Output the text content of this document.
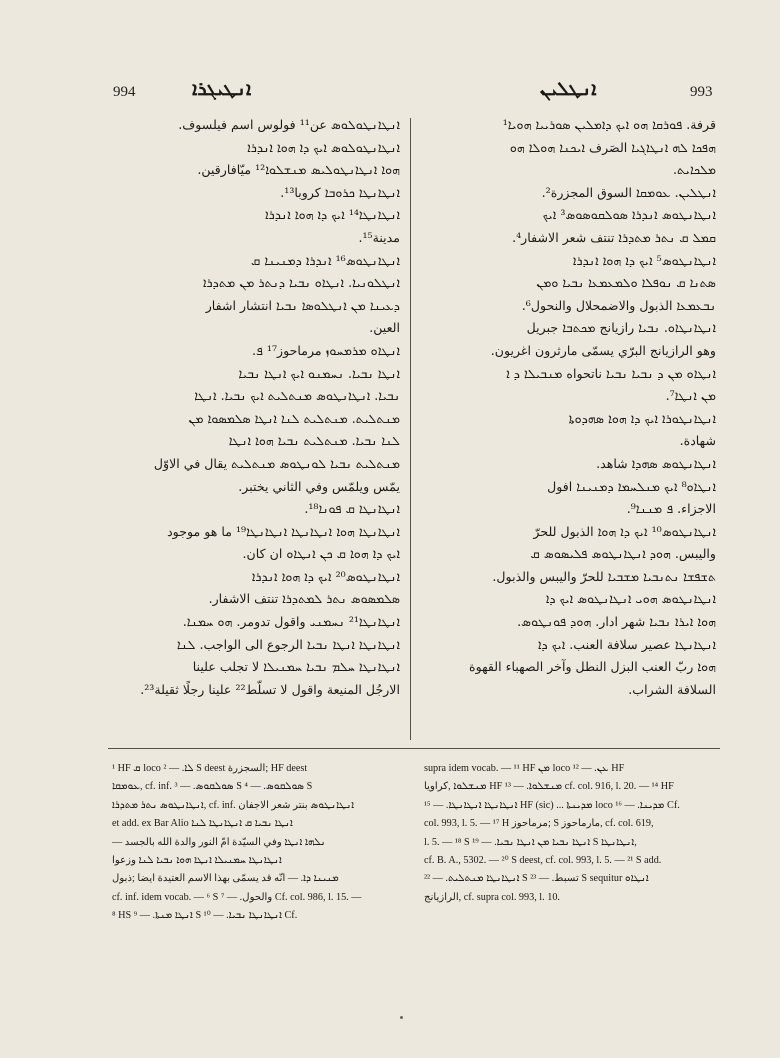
994	ܐܢܛܝܓܪܐ	ܐܢܛܠܝܢ	993

ܐܢܛܐܢܛܘܠܘܣ عن¹¹ فولوس اسم فيلسوف.

ܐܢܛܐܢܛܘܠܘܣ ܐܝܟ ܕܐ ܗܘܐ ܐܢܕܪܐ

ܗܘܐ ܐܢܛܐܢܛܘܠܝܣ ܡܢܫܠܘܐ¹² ميّافارقين.

ܐܢܛܐܢܛܐ ܟܪܘܒܐ كروبا¹³.

ܐܢܛܐܢܛܐ¹⁴ ܐܝܟ ܕܐ ܗܘܐ ܐܢܕܪܐ

مدينة¹⁵.

ܐܢܛܐܢܛܘܣ¹⁶ ܐܢܕܪܐ ܕܡܢܝܢܐ ܩ

ܐܢܛܠܘܢܝܐ. ܐܢܛܐܘ ܢܒܝܐ ܕܢܬܪ ܡܢ ܡܬܕܪܐ

ܕܥܝܢܐ ܡܢ ܐܢܛܠܘܣܐ ܢܒܝܐ انتشار اشفار

العين.

ܐܢܛܐܘ ܡܪܡܚܘܙ مرماحوز¹⁷ ܦ.

ܐܢܛܐ ܢܒܝܐ. ܢܚܡܢܘ ܐܝܟ ܐܢܛܐ ܢܒܝܐ

ܢܒܝܐ. ܐܢܛܐܢܛܘܣ ܡܢܬܠܝܬ ܐܝܟ ܢܒܝܐ. ܐܢܛܐ

ܡܢܬܠܝܬ. ܡܢܬܠܝܬ ܠܢܐ ܐܢܛܐ ܣܠܡܣܘܐ ܡܢ

ܠܢܐ ܢܒܝܐ. ܡܢܬܠܝܬ ܢܒܝܐ ܗܘܐ ܐܢܛܐ

ܡܢܬܠܝܬ ܢܒܝܐ ܠܘܢܛܘܣ ܡܢܬܠܝܬ يقال في الاوّل

يمّس ويلمّس وفي الثاني يختبر.

ܐܢܛܐܢܛܐ ܩ ܦܘܢܐ¹⁸.

ܐܢܛܐܢܛܐ ܗܘܐ ܐܢܛܐܢܛܐ ܐܢܛܐܢܛܐ¹⁹ ما هو موجود

ܐܝܟ ܕܐ ܗܘܐ ܩ ܟܢ ܐܢܛܐܘ ان كان.

ܐܢܛܐܢܛܘܣ²⁰ ܐܝܟ ܕܐ ܗܘܐ ܐܢܕܪܐ

ܣܠܡܣܘܣ ܢܬܪ ܠܡܬܕܪܐ تنتف الاشفار.

ܐܢܛܐܢܛܐ²¹ ܢܚܡܢܝ واقول تدومر. ܗܘ ܚܡܢܐ.

ܐܢܛܐܢܛܐ ܐܢܛܐ ܢܒܝܐ الرجوع الى الواجب. ܠܢܐ

ܐܢܛܐܢܛܐ ܚܠܡ ܢܒܝܐ ܚܡܢܝܠܐ لا تجلب علينا

الارجُل المنيعة واقول لا تسلّط²² علينا رجلًا ثقيلة²³.

قرفة. ܦܘܪܩܐ ܗܘ ܐܝܟ ܕܐܡܠܝܢ ܣܘܪܝܝܐ ܗܘܝܐ¹

ܗܦܟܐ ܠܗ ܐܢܛܐܓܝܐ الصَرف ܐܝܟܢܐ ܗܘܠܐ ܗܘ

ܡܠܟܐܝܬ.

ܐܢܛܠܝܢ. ܥܘܡܩܐ السوق المجزرة².

ܐܢܛܐܢܛܘܣ ܐܢܕܪܐ ܣܘܠܩܘܣܘܣ³ ܐܝܟ

ܩܡܠ ܩ ܢܬܪ ܡܬܕܪܐ تنتف شعر الاشفار⁴.

ܐܢܛܐܢܛܘܣ⁵ ܐܝܟ ܕܐ ܗܘܐ ܐܢܕܪܐ

ܣܬܢܐ ܩ ܢܘܦܠܐ ܘܠܡܥܡܥܐ ܢܒܝܐ ܘܡܢ

ܢܒܥܡܥܐ الذبول والاضمحلال والنحول⁶.

ܐܢܛܐܢܛܐܘ. ܢܒܝܐ رازيانج ܡܟܬܒܐ جبريل

وهو الرازيانج البرّي يسمّى مارثرون اغريون.

ܐܢܛܐܘ ܡܢ ܕ ܢܒܝܐ ܢܒܝܐ ناتحواه ܡܢܒܝܠܐ ܕ ܐ

ܡܢ ܐܢܛܐ⁷.

ܐܢܛܐܢܛܘܪܐ ܐܝܟ ܕܐ ܗܘܐ ܣܗܕܘܬܐ

شهادة.

ܐܢܛܐܢܛܘܣ ܣܗܕܐ شاهد.

ܐܢܛܐܘ⁸ ܐܝܟ ܡܢܠܚܡܐ ܕܡܢܝܢܐ افول

الاجزاء. ܦ ܡܢܢܐ⁹.

ܐܢܛܐܢܛܘܣ¹⁰ ܐܝܟ ܕܐ ܗܘܐ الذبول للحرّ

واليبس. ܗܘܕ ܐܢܛܐܢܛܘܣ ܦܠܝܣܘܣ ܩ

ܬܫܦܫܐ ܢܬܢܒܝܐ ܡܫܒܝܐ للحرّ واليبس والذبول.

ܐܢܛܐܢܛܘܣ ܗܘܝ ܐܢܛܐܢܛܘܣ ܐܝܟ ܕܐ

ܗܘܐ ܐܝܪܐ ܢܒܝܐ شهر ادار. ܗܘܕ ܦܘܢܛܘܣ.

ܐܢܛܐܢܛܐ عصير سلافة العنب. ܐܝܟ ܕܐ

ܗܘܐ ربّ العنب البزل النطل وآخر الصهباء القهوة

السلافة الشراب.

¹ HF ܩ loco ܠܐ. — ² S deest السجزرة; HF deest

ܥܘܡܩܐ, cf. inf. ܣܘܠܩܘܣ. — ³ S ܣܘܠܩܘܣ. — ⁴ S

ܐܢܛܐܢܛܘܣ ܢܬܪ ܡܬܕܪܐ, cf. inf. ܐܢܛܐܢܛܘܣ بنتر شعر الاجفان

et add. ex Bar Alio ܐܢܛܐ ܢܒܝܐ ܩ ܐܢܛܐܢܛܐ ܠܢܐ

— ܢܠܗܐ ܐܢܛܐ وفي السيّدة امّ النور والدة الله بالجسد

ܐܢܛܐܢܛܐ ܚܡܢܝܠܐ ܐܢܛܐ ܗܘܐ ܢܒܝܐ ܠܢܐ وزعوا

ܡܢܝܢܐ ܕܐ. — انّه قد يسمّى بهذا الاسم العتيدة ايضا ;ذبول

cf. inf. idem vocab. — ⁶ S والحول. — ⁷ Cf. col. 986, l. 15. —

⁸ HS ܐܢܛܐ ܡܢܬܐ. — ⁹ S ܐܢܛܐܢܛܐ ܢܒܝܐ. — ¹⁰ Cf.

supra idem vocab. — ¹¹ HF ܡܢ loco ܥܢ. — ¹² HF

ܡܢܫܠܘܐ ,كراويا HF ¹³ — .ܡܢܫܠܘܐ cf. col. 916, l. 20. — ¹⁴ HF

ܐܢܛܐܢܛܐ ܐܢܛܐܢܛܐ. — ¹⁵ HF (sic) ... ܡܕܝܢܬܐ loco ܡܕܝܢܐ. — ¹⁶ Cf.

col. 993, l. 5. — ¹⁷ H مرماحوز; S مارماحوز, cf. col. 619,

l. 5. — ¹⁸ S ܐܢܛܐ ܢܒܝܐ ܡܢ ܐܢܛܐ ܢܒܝܐ. — ¹⁹ S ܐܢܛܐܢܛܐ,

cf. B. A., 5302. — ²⁰ S deest, cf. col. 993, l. 5. — ²¹ S add.

ܐܢܛܐܢܛܐ ܡܢܬܠܝܬ. — ²² S تسبط. — ²³ S sequitur ܐܢܛܐܘ

الرازيانج, cf. supra col. 993, l. 10.
